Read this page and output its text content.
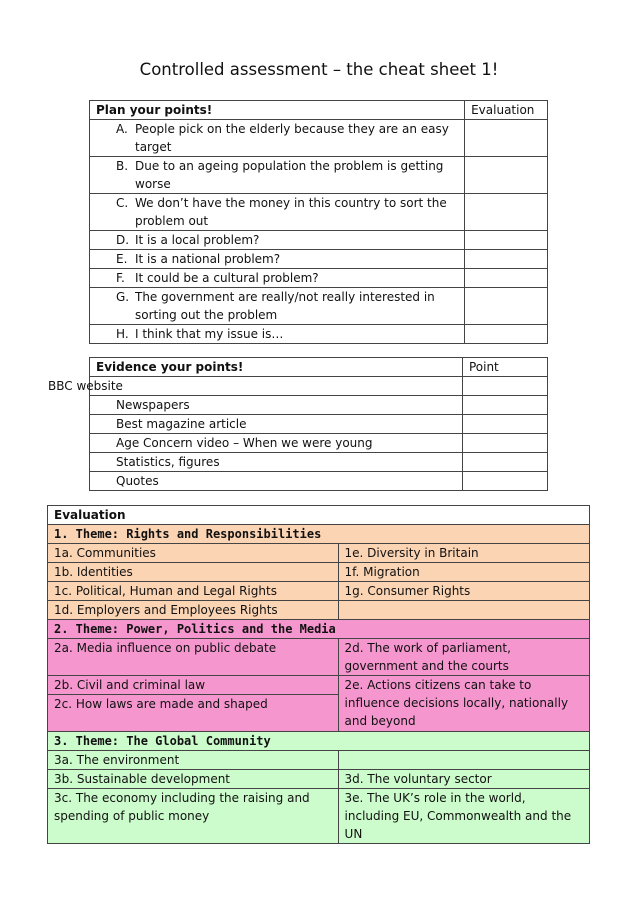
Controlled assessment – the cheat sheet 1!
Plan your points!	Evaluation

A. People pick on the elderly because they are an easy target	

B. Due to an ageing population the problem is getting worse	

C. We don’t have the money in this country to sort the problem out	

D. It is a local problem?	

E. It is a national problem?	

F. It could be a cultural problem?	

G. The government are really/not really interested in sorting out the problem	

H. I think that my issue is…	

Evidence your points!	Point

Newspapers	
Best magazine article	
Age Concern video – When we were young	
Statistics, figures	
Quotes	
BBC website
Evaluation	
1. Theme: Rights and Responsibilities	
1a. Communities	1e. Diversity in Britain
1b. Identities	1f. Migration
1c. Political, Human and Legal Rights	1g. Consumer Rights
1d. Employers and Employees Rights	
2. Theme: Power, Politics and the Media	
2a. Media influence on public debate	2d. The work of parliament, government and the courts
2b. Civil and criminal law	2e. Actions citizens can take to influence decisions locally, nationally and beyond
2c. How laws are made and shaped	
3. Theme: The Global Community	
3a. The environment	
3b. Sustainable development	3d. The voluntary sector
3c. The economy including the raising and spending of public money	3e. The UK’s role in the world, including EU, Commonwealth and the UN
